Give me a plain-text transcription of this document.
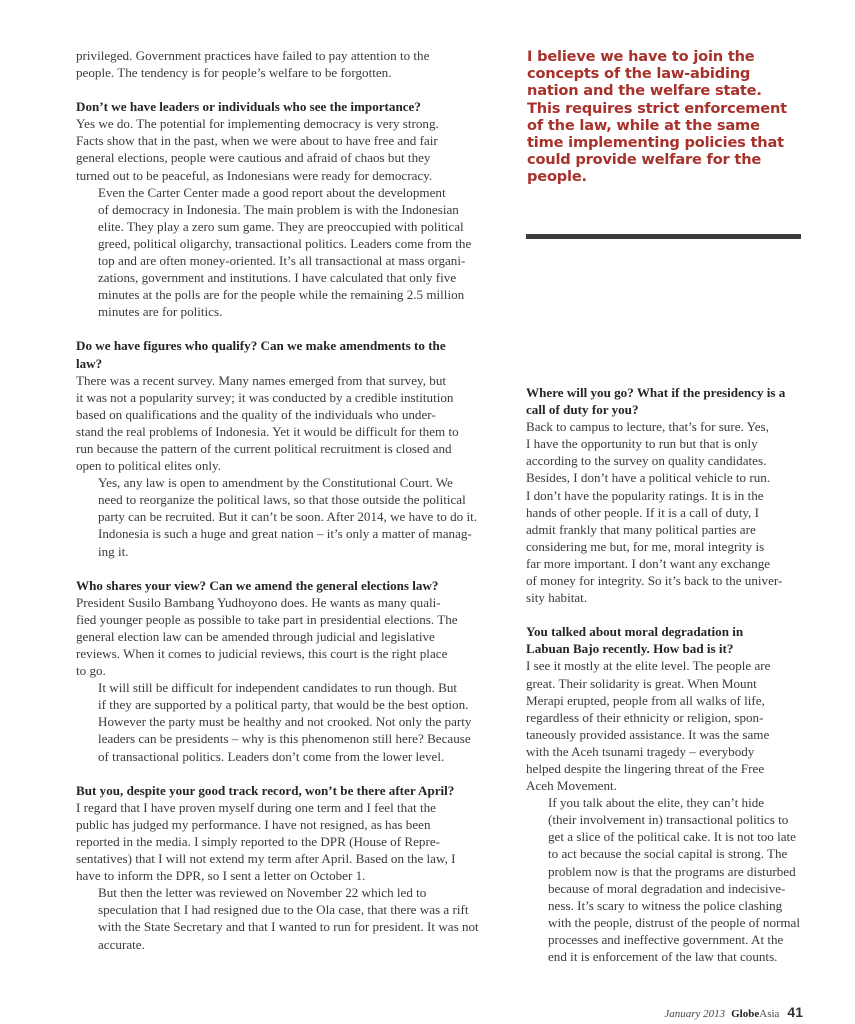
privileged. Government practices have failed to pay attention to the
people. The tendency is for people’s welfare to be forgotten.
Don’t we have leaders or individuals who see the importance?
Yes we do. The potential for implementing democracy is very strong.
Facts show that in the past, when we were about to have free and fair
general elections, people were cautious and afraid of chaos but they
turned out to be peaceful, as Indonesians were ready for democracy.
Even the Carter Center made a good report about the development
of democracy in Indonesia. The main problem is with the Indonesian
elite. They play a zero sum game. They are preoccupied with political
greed, political oligarchy, transactional politics. Leaders come from the
top and are often money-oriented. It’s all transactional at mass organi-
zations, government and institutions. I have calculated that only five
minutes at the polls are for the people while the remaining 2.5 million
minutes are for politics.
Do we have figures who qualify? Can we make amendments to the
law?
There was a recent survey. Many names emerged from that survey, but
it was not a popularity survey; it was conducted by a credible institution
based on qualifications and the quality of the individuals who under-
stand the real problems of Indonesia. Yet it would be difficult for them to
run because the pattern of the current political recruitment is closed and
open to political elites only.
Yes, any law is open to amendment by the Constitutional Court. We
need to reorganize the political laws, so that those outside the political
party can be recruited. But it can’t be soon. After 2014, we have to do it.
Indonesia is such a huge and great nation – it’s only a matter of manag-
ing it.
Who shares your view? Can we amend the general elections law?
President Susilo Bambang Yudhoyono does. He wants as many quali-
fied younger people as possible to take part in presidential elections. The
general election law can be amended through judicial and legislative
reviews. When it comes to judicial reviews, this court is the right place
to go.
It will still be difficult for independent candidates to run though. But
if they are supported by a political party, that would be the best option.
However the party must be healthy and not crooked. Not only the party
leaders can be presidents – why is this phenomenon still here? Because
of transactional politics. Leaders don’t come from the lower level.
But you, despite your good track record, won’t be there after April?
I regard that I have proven myself during one term and I feel that the
public has judged my performance. I have not resigned, as has been
reported in the media. I simply reported to the DPR (House of Repre-
sentatives) that I will not extend my term after April. Based on the law, I
have to inform the DPR, so I sent a letter on October 1.
But then the letter was reviewed on November 22 which led to
speculation that I had resigned due to the Ola case, that there was a rift
with the State Secretary and that I wanted to run for president. It was not
accurate.
I believe we have to join the
concepts of the law-abiding
nation and the welfare state.
This requires strict enforcement
of the law, while at the same
time implementing policies that
could provide welfare for the
people.
Where will you go? What if the presidency is a
call of duty for you?
Back to campus to lecture, that’s for sure. Yes,
I have the opportunity to run but that is only
according to the survey on quality candidates.
Besides, I don’t have a political vehicle to run.
I don’t have the popularity ratings. It is in the
hands of other people. If it is a call of duty, I
admit frankly that many political parties are
considering me but, for me, moral integrity is
far more important. I don’t want any exchange
of money for integrity. So it’s back to the univer-
sity habitat.
You talked about moral degradation in
Labuan Bajo recently. How bad is it?
I see it mostly at the elite level. The people are
great. Their solidarity is great. When Mount
Merapi erupted, people from all walks of life,
regardless of their ethnicity or religion, spon-
taneously provided assistance. It was the same
with the Aceh tsunami tragedy – everybody
helped despite the lingering threat of the Free
Aceh Movement.
If you talk about the elite, they can’t hide
(their involvement in) transactional politics to
get a slice of the political cake. It is not too late
to act because the social capital is strong. The
problem now is that the programs are disturbed
because of moral degradation and indecisive-
ness. It’s scary to witness the police clashing
with the people, distrust of the people of normal
processes and ineffective government. At the
end it is enforcement of the law that counts.
January 2013 GlobeAsia 41
